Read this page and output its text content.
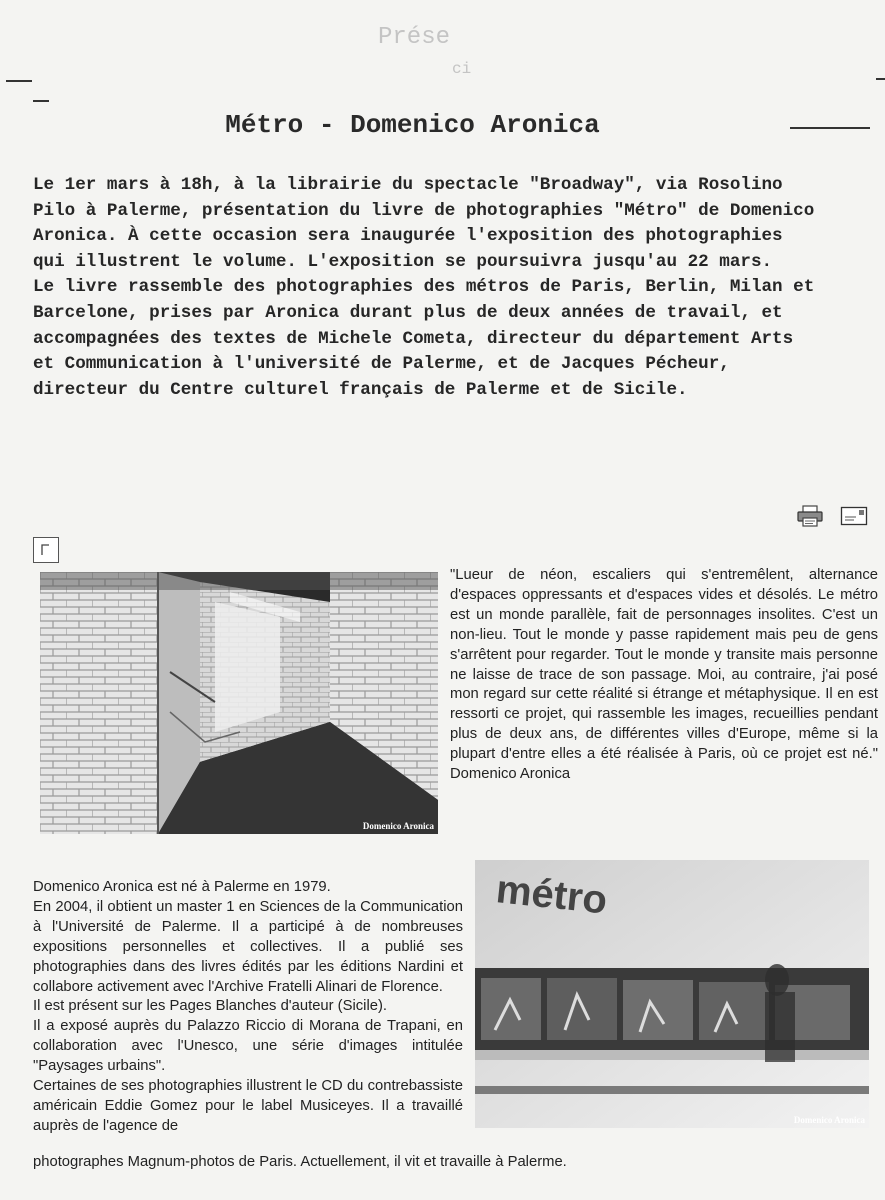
Prése
ci
Métro - Domenico Aronica

Le 1er mars à 18h, à la librairie du spectacle "Broadway", via Rosolino Pilo à Palerme, présentation du livre de photographies "Métro" de Domenico Aronica. À cette occasion sera inaugurée l'exposition des photographies qui illustrent le volume. L'exposition se poursuivra jusqu'au 22 mars.

Le livre rassemble des photographies des métros de Paris, Berlin, Milan et Barcelone, prises par Aronica durant plus de deux années de travail, et accompagnées des textes de Michele Cometa, directeur du département Arts et Communication à l'université de Palerme, et de Jacques Pécheur, directeur du Centre culturel français de Palerme et de Sicile.

Domenico Aronica

"Lueur de néon, escaliers qui s'entremêlent, alternance d'espaces oppressants et d'espaces vides et désolés. Le métro est un monde parallèle, fait de personnages insolites. C'est un non-lieu. Tout le monde y passe rapidement mais peu de gens s'arrêtent pour regarder. Tout le monde y transite mais personne ne laisse de trace de son passage. Moi, au contraire, j'ai posé mon regard sur cette réalité si étrange et métaphysique. Il en est ressorti ce projet, qui rassemble les images, recueillies pendant plus de deux ans, de différentes villes d'Europe, même si la plupart d'entre elles a été réalisée à Paris, où ce projet est né." Domenico Aronica

Domenico Aronica est né à Palerme en 1979.

En 2004, il obtient un master 1 en Sciences de la Communication à l'Université de Palerme. Il a participé à de nombreuses expositions personnelles et collectives. Il a publié ses photographies dans des livres édités par les éditions Nardini et collabore activement avec l'Archive Fratelli Alinari de Florence.

Il est présent sur les Pages Blanches d'auteur (Sicile).

Il a exposé auprès du Palazzo Riccio di Morana de Trapani, en collaboration avec l'Unesco, une série d'images intitulée "Paysages urbains".

Certaines de ses photographies illustrent le CD du contrebassiste américain Eddie Gomez pour le label Musiceyes. Il a travaillé auprès de l'agence de

photographes Magnum-photos de Paris. Actuellement, il vit et travaille à Palerme.

métro
Domenico Aronica
